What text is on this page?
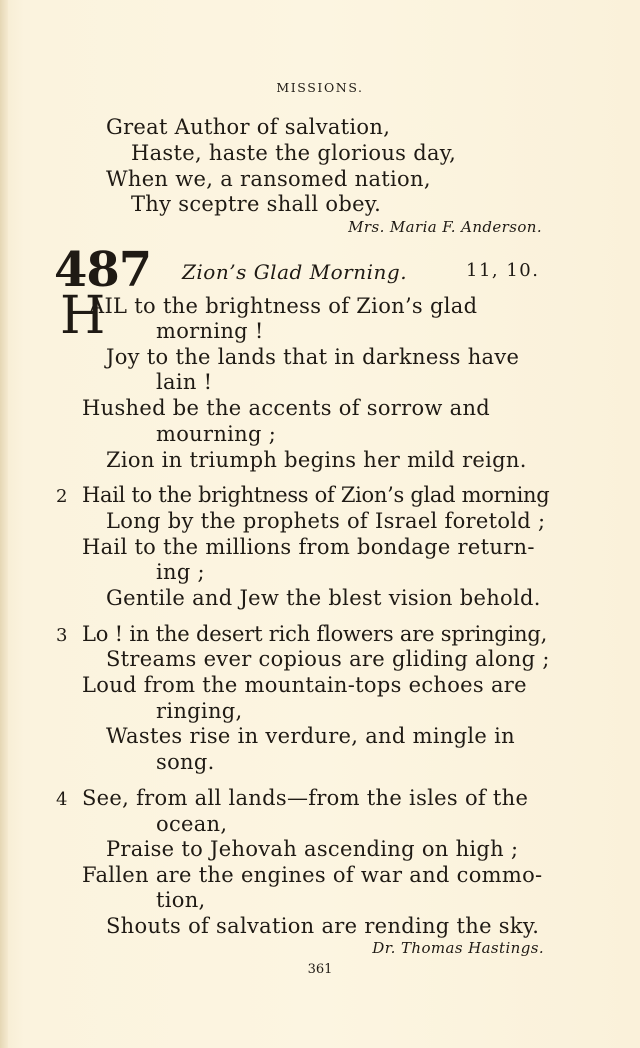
MISSIONS.
Great Author of salvation,
Haste, haste the glorious day,
When we, a ransomed nation,
Thy sceptre shall obey.
Mrs. Maria F. Anderson.
487 Zion’s Glad Morning.	11, 10.
H
AIL to the brightness of Zion’s glad
morning !
Joy to the lands that in darkness have
lain !
Hushed be the accents of sorrow and
mourning ;
Zion in triumph begins her mild reign.
2 Hail to the brightness of Zion’s glad morning
Long by the prophets of Israel foretold ;
Hail to the millions from bondage return-
ing ;
Gentile and Jew the blest vision behold.
3 Lo ! in the desert rich flowers are springing,
Streams ever copious are gliding along ;
Loud from the mountain-tops echoes are
ringing,
Wastes rise in verdure, and mingle in
song.
4 See, from all lands—from the isles of the
ocean,
Praise to Jehovah ascending on high ;
Fallen are the engines of war and commo-
tion,
Shouts of salvation are rending the sky.
Dr. Thomas Hastings.
361
